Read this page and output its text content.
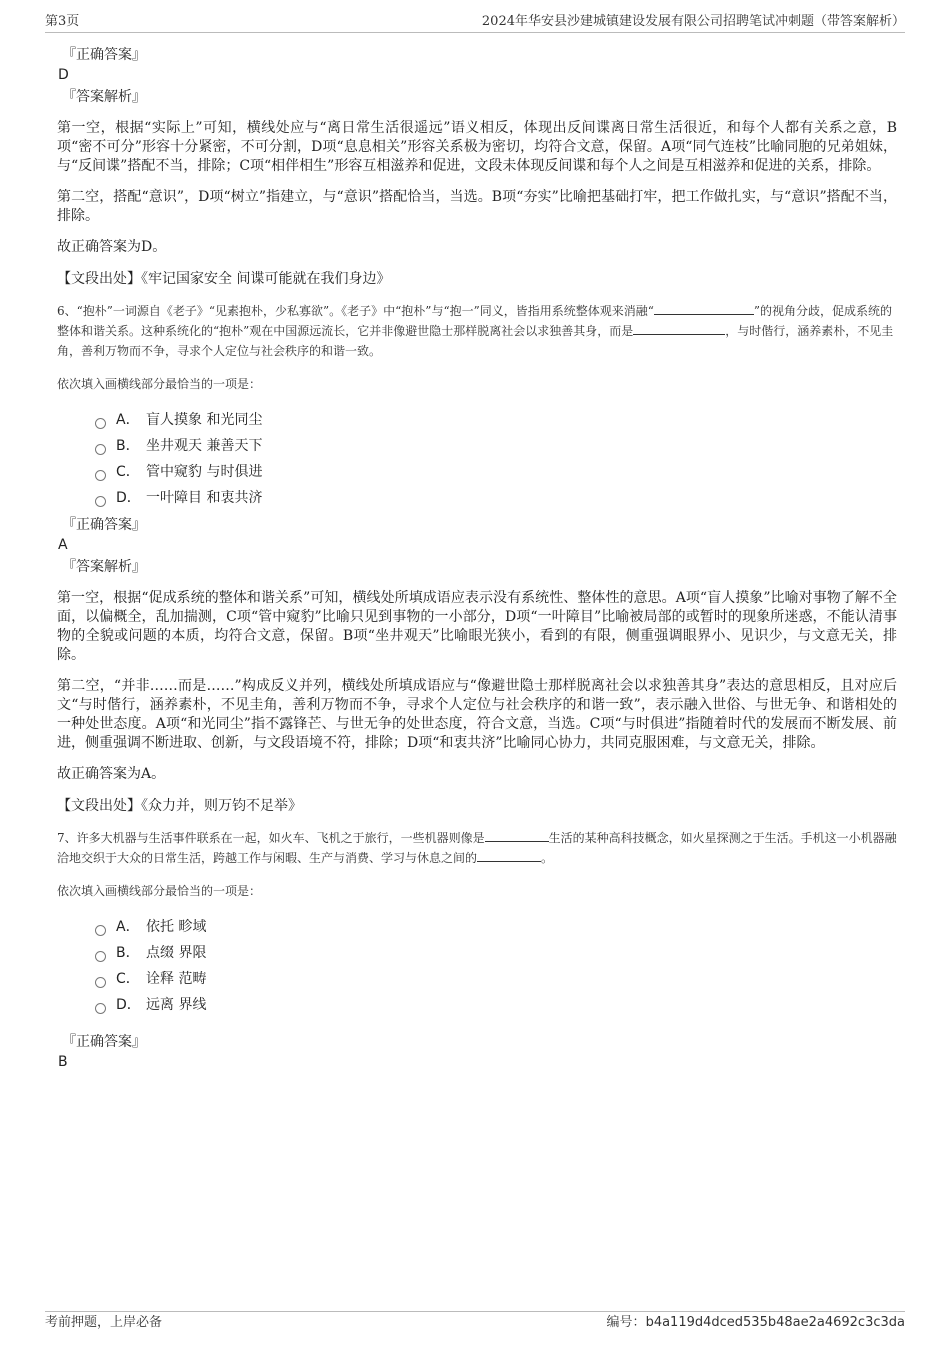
第3页	2024年华安县沙建城镇建设发展有限公司招聘笔试冲刺题（带答案解析）
『正确答案』
D
『答案解析』

第一空，根据“实际上”可知，横线处应与“离日常生活很遥远”语义相反，体现出反间谍离日常生活很近，和每个人都有关系之意，B项“密不可分”形容十分紧密，不可分割，D项“息息相关”形容关系极为密切，均符合文意，保留。A项“同气连枝”比喻同胞的兄弟姐妹，与“反间谍”搭配不当，排除；C项“相伴相生”形容互相滋养和促进，文段未体现反间谍和每个人之间是互相滋养和促进的关系，排除。

第二空，搭配“意识”，D项“树立”指建立，与“意识”搭配恰当，当选。B项“夯实”比喻把基础打牢，把工作做扎实，与“意识”搭配不当，排除。

故正确答案为D。

【文段出处】《牢记国家安全 间谍可能就在我们身边》

6、“抱朴”一词源自《老子》“见素抱朴，少私寡欲”。《老子》中“抱朴”与“抱一”同义，皆指用系统整体观来消融“	”的视角分歧，促成系统的整体和谐关系。这种系统化的“抱朴”观在中国源远流长，它并非像避世隐士那样脱离社会以求独善其身，而是	，与时偕行，涵养素朴，不见圭角，善利万物而不争，寻求个人定位与社会秩序的和谐一致。

依次填入画横线部分最恰当的一项是：
A． 盲人摸象 和光同尘
B． 坐井观天 兼善天下
C． 管中窥豹 与时俱进
D． 一叶障目 和衷共济
『正确答案』
A
『答案解析』

第一空，根据“促成系统的整体和谐关系”可知，横线处所填成语应表示没有系统性、整体性的意思。A项“盲人摸象”比喻对事物了解不全面，以偏概全，乱加揣测，C项“管中窥豹”比喻只见到事物的一小部分，D项“一叶障目”比喻被局部的或暂时的现象所迷惑，不能认清事物的全貌或问题的本质，均符合文意，保留。B项“坐井观天”比喻眼光狭小，看到的有限，侧重强调眼界小、见识少，与文意无关，排除。

第二空，“并非……而是……”构成反义并列，横线处所填成语应与“像避世隐士那样脱离社会以求独善其身”表达的意思相反，且对应后文“与时偕行，涵养素朴，不见圭角，善利万物而不争，寻求个人定位与社会秩序的和谐一致”，表示融入世俗、与世无争、和谐相处的一种处世态度。A项“和光同尘”指不露锋芒、与世无争的处世态度，符合文意，当选。C项“与时俱进”指随着时代的发展而不断发展、前进，侧重强调不断进取、创新，与文段语境不符，排除；D项“和衷共济”比喻同心协力，共同克服困难，与文意无关，排除。

故正确答案为A。

【文段出处】《众力并，则万钧不足举》

7、许多大机器与生活事件联系在一起，如火车、飞机之于旅行，一些机器则像是	生活的某种高科技概念，如火星探测之于生活。手机这一小机器融洽地交织于大众的日常生活，跨越工作与闲暇、生产与消费、学习与休息之间的	。

依次填入画横线部分最恰当的一项是：
A． 依托 畛域
B． 点缀 界限
C． 诠释 范畴
D． 远离 界线
『正确答案』
B
考前押题，上岸必备	编号：b4a119d4dced535b48ae2a4692c3c3da
